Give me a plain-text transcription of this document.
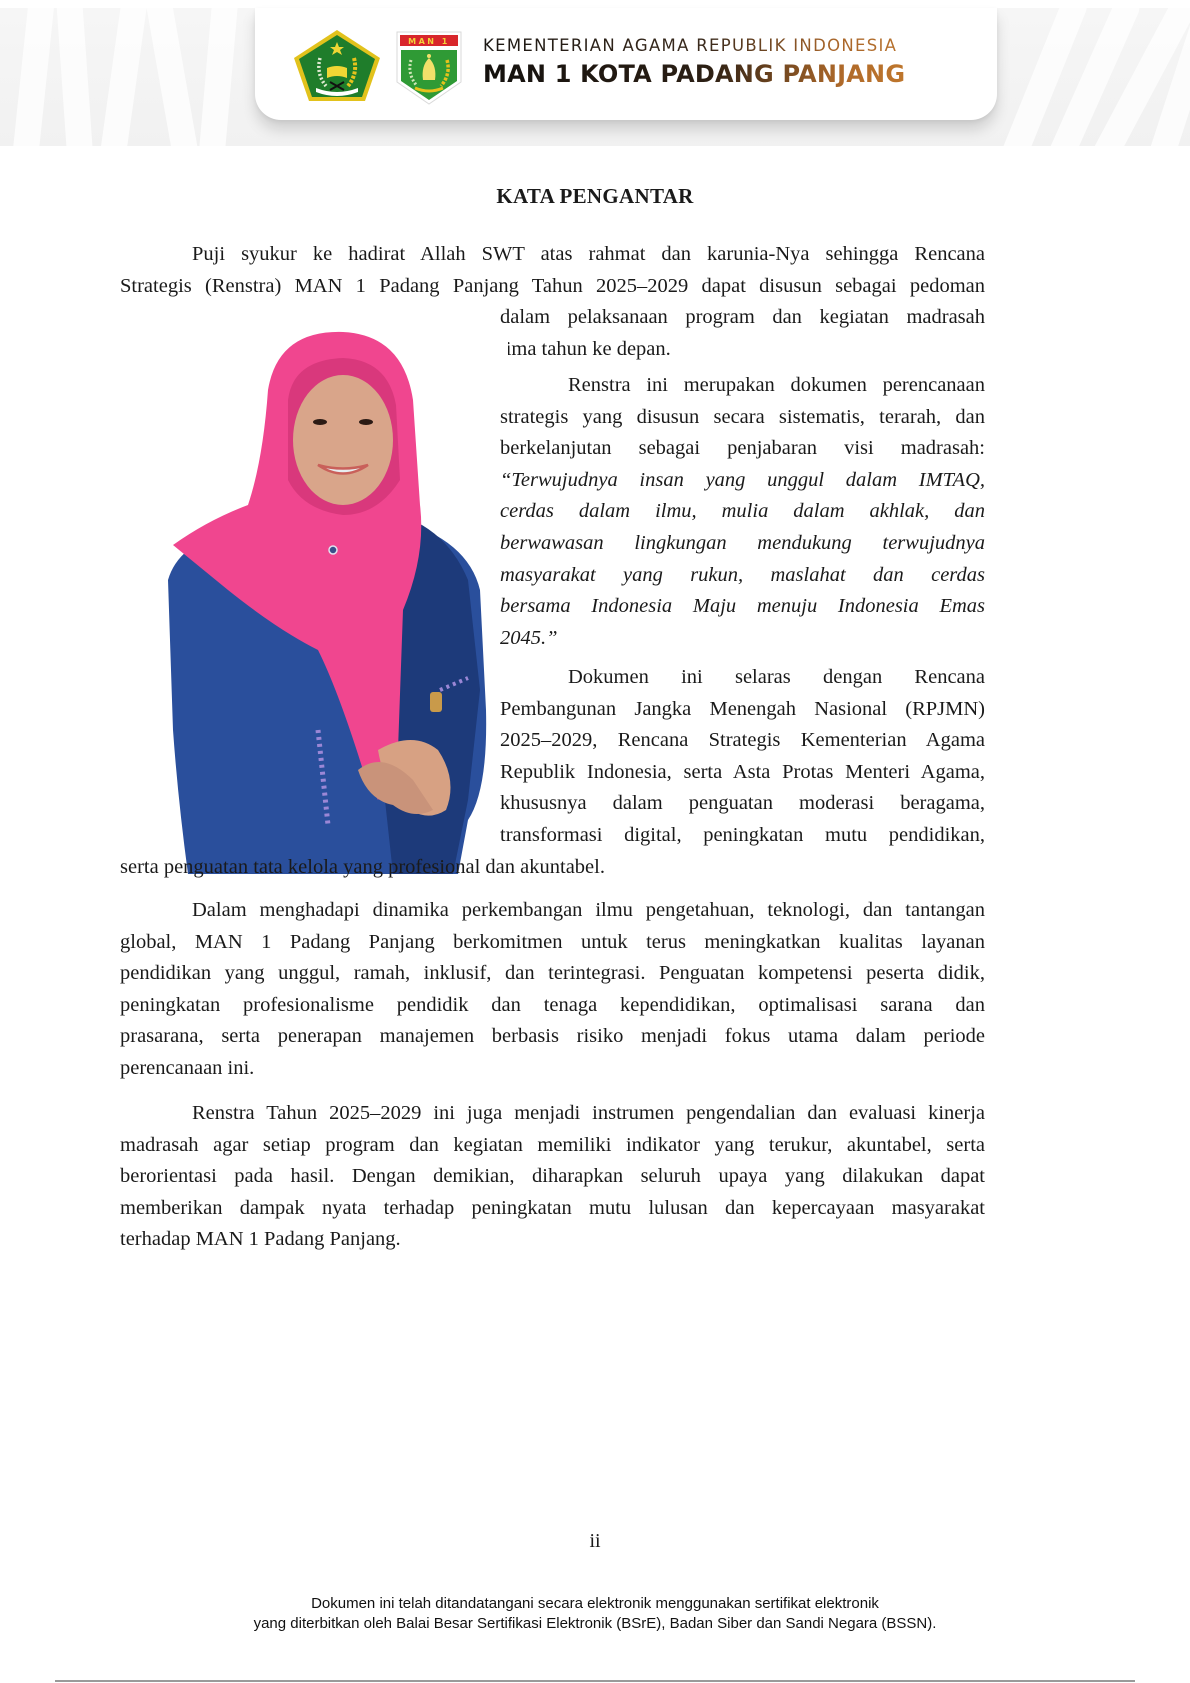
MAN 1 KEMENTERIAN AGAMA REPUBLIK INDONESIA
MAN 1 KOTA PADANG PANJANG
KATA PENGANTAR
Puji syukur ke hadirat Allah SWT atas rahmat dan karunia-Nya sehingga Rencana
Strategis (Renstra) MAN 1 Padang Panjang Tahun 2025–2029 dapat disusun sebagai pedoman
dalam pelaksanaan program dan kegiatan madrasah
lima tahun ke depan.
Renstra ini merupakan dokumen perencanaan
strategis yang disusun secara sistematis, terarah, dan
berkelanjutan sebagai penjabaran visi madrasah:
“Terwujudnya insan yang unggul dalam IMTAQ,
cerdas dalam ilmu, mulia dalam akhlak, dan
berwawasan lingkungan mendukung terwujudnya
masyarakat yang rukun, maslahat dan cerdas
bersama Indonesia Maju menuju Indonesia Emas
2045.”
Dokumen ini selaras dengan Rencana
Pembangunan Jangka Menengah Nasional (RPJMN)
2025–2029, Rencana Strategis Kementerian Agama
Republik Indonesia, serta Asta Protas Menteri Agama,
khususnya dalam penguatan moderasi beragama,
transformasi digital, peningkatan mutu pendidikan,
serta penguatan tata kelola yang profesional dan akuntabel.
Dalam menghadapi dinamika perkembangan ilmu pengetahuan, teknologi, dan tantangan
global, MAN 1 Padang Panjang berkomitmen untuk terus meningkatkan kualitas layanan
pendidikan yang unggul, ramah, inklusif, dan terintegrasi. Penguatan kompetensi peserta didik,
peningkatan profesionalisme pendidik dan tenaga kependidikan, optimalisasi sarana dan
prasarana, serta penerapan manajemen berbasis risiko menjadi fokus utama dalam periode
perencanaan ini.
Renstra Tahun 2025–2029 ini juga menjadi instrumen pengendalian dan evaluasi kinerja
madrasah agar setiap program dan kegiatan memiliki indikator yang terukur, akuntabel, serta
berorientasi pada hasil. Dengan demikian, diharapkan seluruh upaya yang dilakukan dapat
memberikan dampak nyata terhadap peningkatan mutu lulusan dan kepercayaan masyarakat
terhadap MAN 1 Padang Panjang.
ii
Dokumen ini telah ditandatangani secara elektronik menggunakan sertifikat elektronik
yang diterbitkan oleh Balai Besar Sertifikasi Elektronik (BSrE), Badan Siber dan Sandi Negara (BSSN).
